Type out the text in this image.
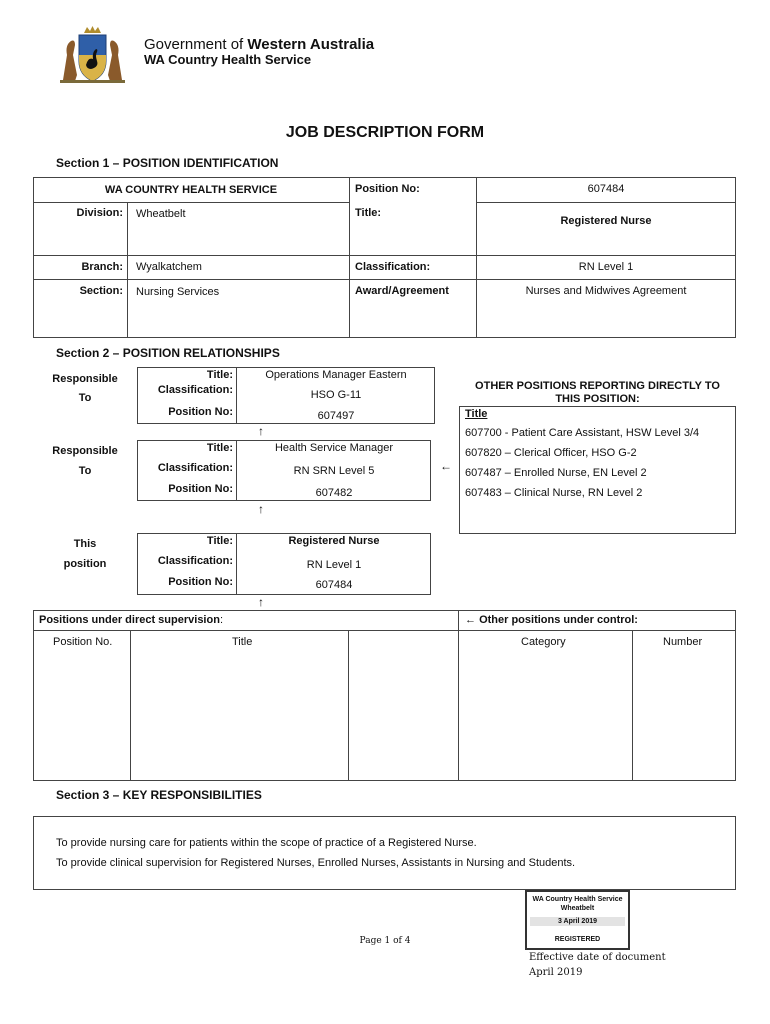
Government of Western Australia
WA Country Health Service
JOB DESCRIPTION FORM
Section 1 – POSITION IDENTIFICATION
WA COUNTRY HEALTH SERVICE	Position No:	607484
Division: Wheatbelt	Title:
Registered Nurse
Branch: Wyalkatchem	Classification:	RN Level 1
Section: Nursing Services	Award/Agreement	Nurses and Midwives Agreement
Section 2 – POSITION RELATIONSHIPS
Responsible
To
Title:	Operations Manager Eastern
Classification:	HSO G-11
Position No:	607497
↑
Responsible
To
Title:	Health Service Manager
Classification:	RN SRN Level 5
Position No:	607482
←
↑
OTHER POSITIONS REPORTING DIRECTLY TO
THIS POSITION:
Title
607700 - Patient Care Assistant, HSW Level 3/4
607820 – Clerical Officer, HSO G-2
607487 – Enrolled Nurse, EN Level 2
607483 – Clinical Nurse, RN Level 2
This
position
Title:	Registered Nurse
Classification:	RN Level 1
Position No:	607484
↑
Positions under direct supervision:	← Other positions under control:
Position No.	Title	Category	Number
Section 3 – KEY RESPONSIBILITIES
To provide nursing care for patients within the scope of practice of a Registered Nurse.
To provide clinical supervision for Registered Nurses, Enrolled Nurses, Assistants in Nursing and Students.
WA Country Health Service
Wheatbelt
3 April 2019
REGISTERED
Page 1 of 4
Effective date of document
April 2019
